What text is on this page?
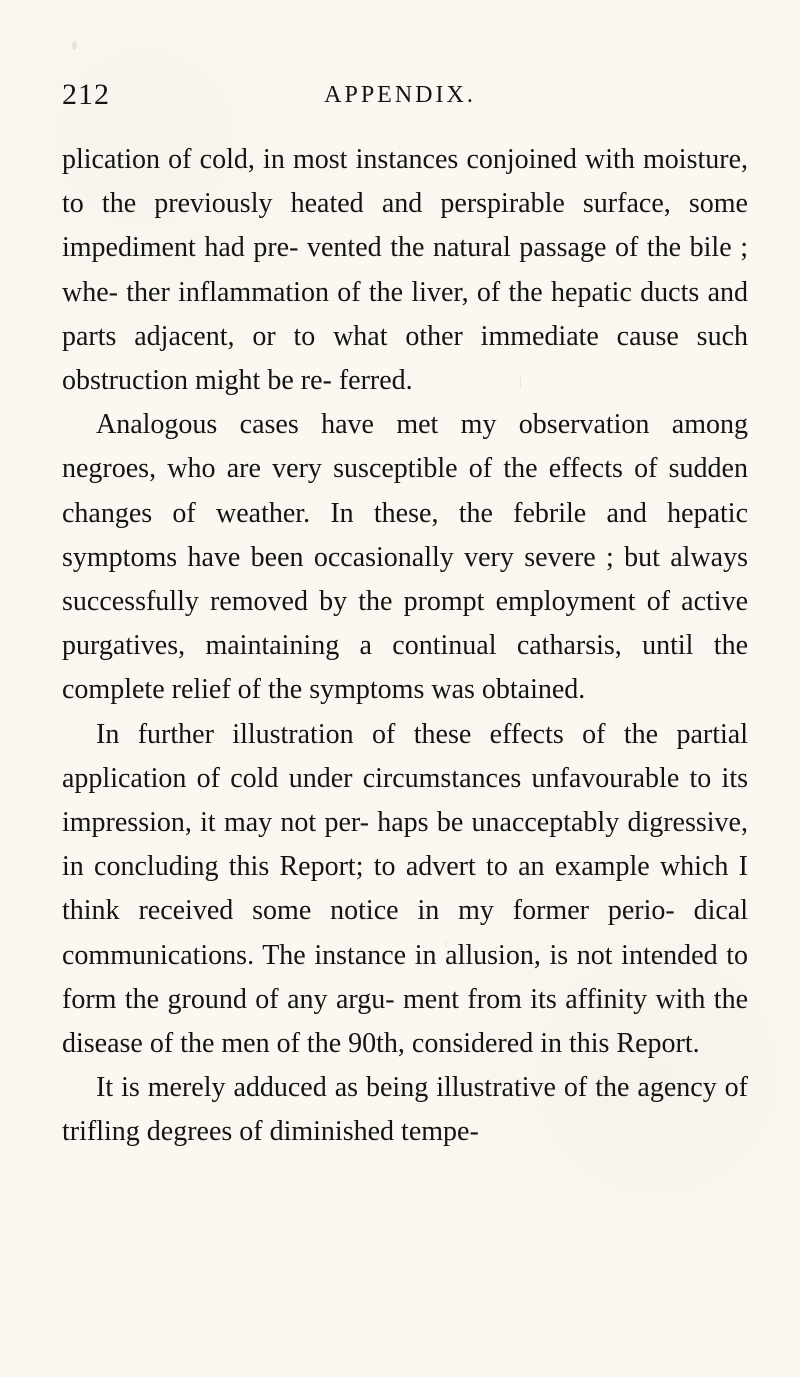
212	APPENDIX.

plication of cold, in most instances conjoined with moisture, to the previously heated and perspirable surface, some impediment had pre- vented the natural passage of the bile ; whe- ther inflammation of the liver, of the hepatic ducts and parts adjacent, or to what other immediate cause such obstruction might be re- ferred.

Analogous cases have met my observation among negroes, who are very susceptible of the effects of sudden changes of weather. In these, the febrile and hepatic symptoms have been occasionally very severe ; but always successfully removed by the prompt employment of active purgatives, maintaining a continual catharsis, until the complete relief of the symptoms was obtained.

In further illustration of these effects of the partial application of cold under circumstances unfavourable to its impression, it may not per- haps be unacceptably digressive, in concluding this Report; to advert to an example which I think received some notice in my former perio- dical communications. The instance in allusion, is not intended to form the ground of any argu- ment from its affinity with the disease of the men of the 90th, considered in this Report.

It is merely adduced as being illustrative of the agency of trifling degrees of diminished tempe-
